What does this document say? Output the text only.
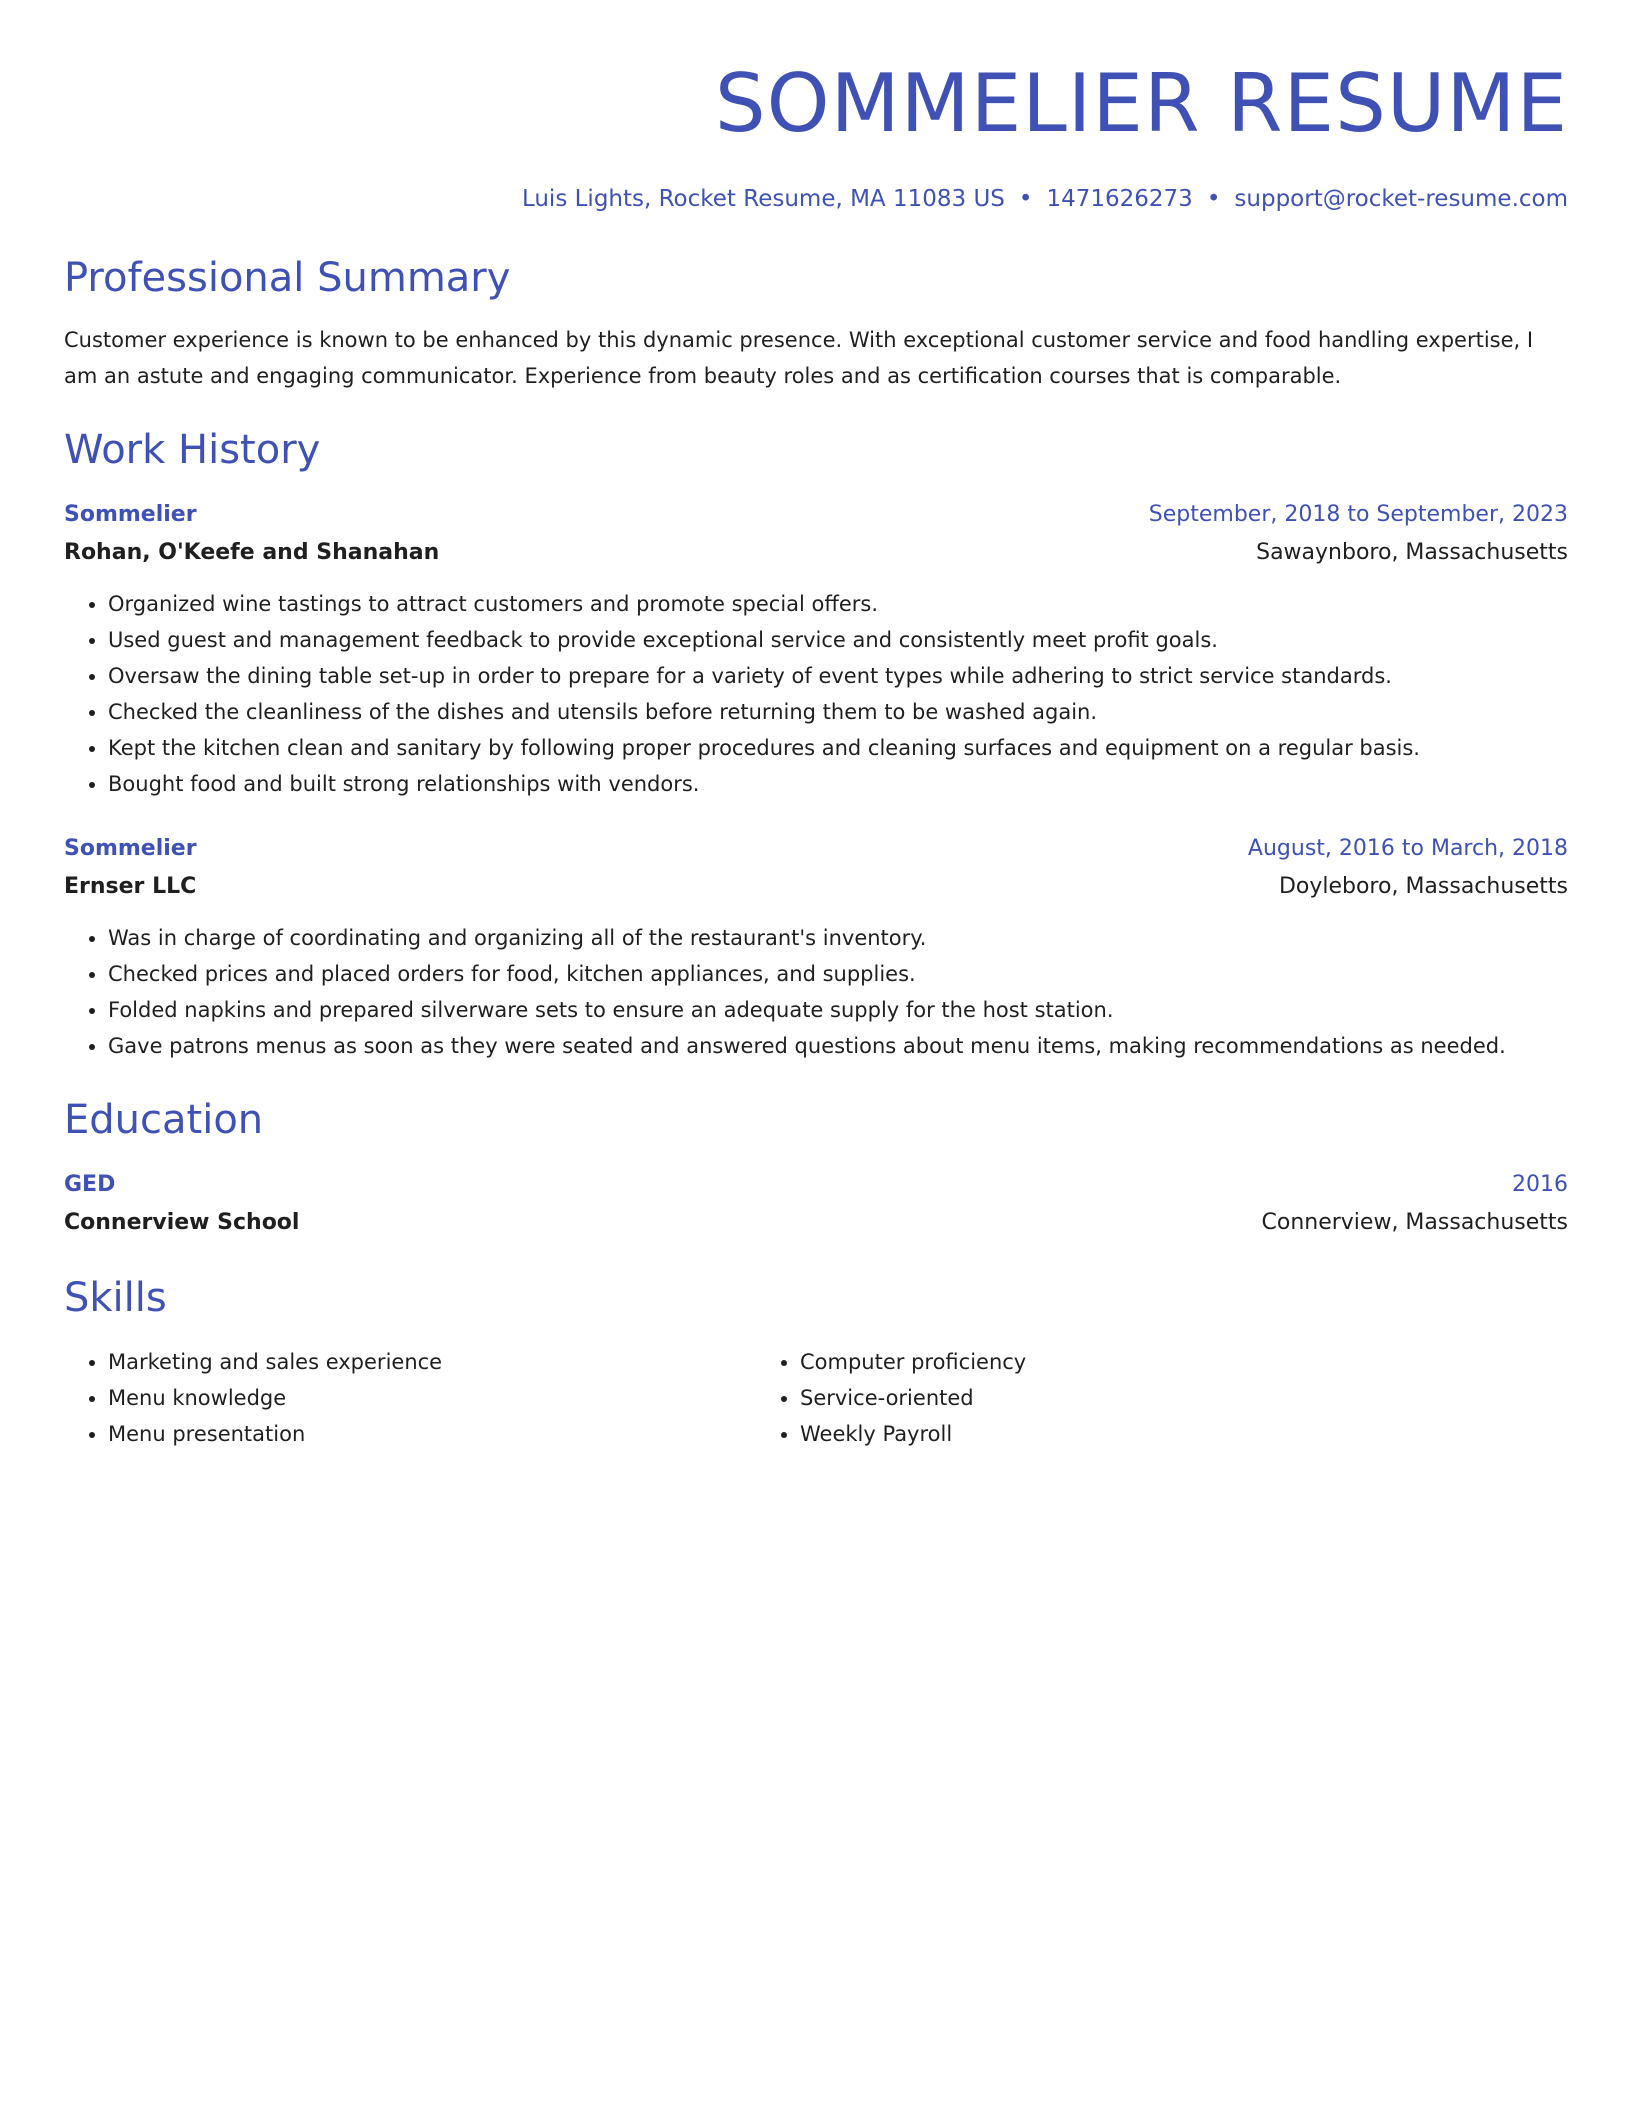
SOMMELIER RESUME
Luis Lights, Rocket Resume, MA 11083 US • 1471626273 • support@rocket-resume.com
Professional Summary
Customer experience is known to be enhanced by this dynamic presence. With exceptional customer service and food handling expertise, I am an astute and engaging communicator. Experience from beauty roles and as certification courses that is comparable.
Work History
Sommelier	September, 2018 to September, 2023
Rohan, O'Keefe and Shanahan	Sawaynboro, Massachusetts
• Organized wine tastings to attract customers and promote special offers.
• Used guest and management feedback to provide exceptional service and consistently meet profit goals.
• Oversaw the dining table set-up in order to prepare for a variety of event types while adhering to strict service standards.
• Checked the cleanliness of the dishes and utensils before returning them to be washed again.
• Kept the kitchen clean and sanitary by following proper procedures and cleaning surfaces and equipment on a regular basis.
• Bought food and built strong relationships with vendors.
Sommelier	August, 2016 to March, 2018
Ernser LLC	Doyleboro, Massachusetts
• Was in charge of coordinating and organizing all of the restaurant's inventory.
• Checked prices and placed orders for food, kitchen appliances, and supplies.
• Folded napkins and prepared silverware sets to ensure an adequate supply for the host station.
• Gave patrons menus as soon as they were seated and answered questions about menu items, making recommendations as needed.
Education
GED	2016
Connerview School	Connerview, Massachusetts
Skills
• Marketing and sales experience
• Menu knowledge
• Menu presentation
• Computer proficiency
• Service-oriented
• Weekly Payroll
